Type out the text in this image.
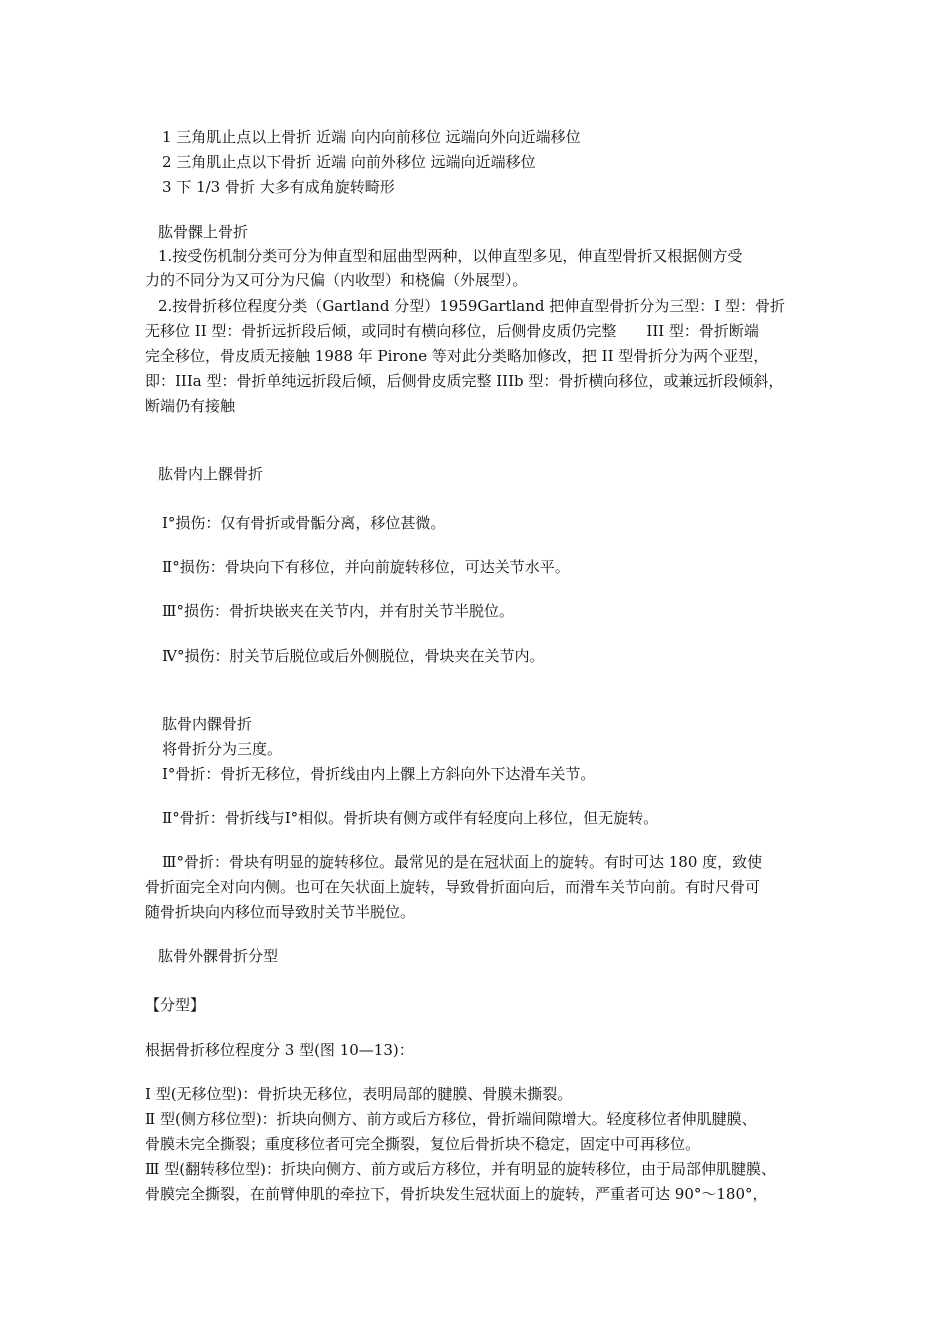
1 三角肌止点以上骨折 近端 向内向前移位 远端向外向近端移位
2 三角肌止点以下骨折 近端 向前外移位 远端向近端移位
3 下 1/3 骨折 大多有成角旋转畸形
肱骨髁上骨折
1.按受伤机制分类可分为伸直型和屈曲型两种，以伸直型多见，伸直型骨折又根据侧方受
力的不同分为又可分为尺偏（内收型）和桡偏（外展型）。
2.按骨折移位程度分类（Gartland 分型）1959Gartland 把伸直型骨折分为三型：I 型：骨折
无移位 II 型：骨折远折段后倾，或同时有横向移位，后侧骨皮质仍完整　　III 型：骨折断端
完全移位，骨皮质无接触 1988 年 Pirone 等对此分类略加修改，把 II 型骨折分为两个亚型，
即：IIIa 型：骨折单纯远折段后倾，后侧骨皮质完整 IIIb 型：骨折横向移位，或兼远折段倾斜，
断端仍有接触
肱骨内上髁骨折
Ⅰ°损伤：仅有骨折或骨骺分离，移位甚微。
Ⅱ°损伤：骨块向下有移位，并向前旋转移位，可达关节水平。
Ⅲ°损伤：骨折块嵌夹在关节内，并有肘关节半脱位。
Ⅳ°损伤：肘关节后脱位或后外侧脱位，骨块夹在关节内。
肱骨内髁骨折
将骨折分为三度。
Ⅰ°骨折：骨折无移位，骨折线由内上髁上方斜向外下达滑车关节。
Ⅱ°骨折：骨折线与Ⅰ°相似。骨折块有侧方或伴有轻度向上移位，但无旋转。
Ⅲ°骨折：骨块有明显的旋转移位。最常见的是在冠状面上的旋转。有时可达 180 度，致使
骨折面完全对向内侧。也可在矢状面上旋转，导致骨折面向后，而滑车关节向前。有时尺骨可
随骨折块向内移位而导致肘关节半脱位。
肱骨外髁骨折分型
【分型】
根据骨折移位程度分 3 型(图 10—13)：
I 型(无移位型)：骨折块无移位，表明局部的腱膜、骨膜未撕裂。
Ⅱ 型(侧方移位型)：折块向侧方、前方或后方移位，骨折端间隙增大。轻度移位者伸肌腱膜、
骨膜未完全撕裂；重度移位者可完全撕裂，复位后骨折块不稳定，固定中可再移位。
Ⅲ 型(翻转移位型)：折块向侧方、前方或后方移位，并有明显的旋转移位，由于局部伸肌腱膜、
骨膜完全撕裂，在前臂伸肌的牵拉下，骨折块发生冠状面上的旋转，严重者可达 90°～180°，
